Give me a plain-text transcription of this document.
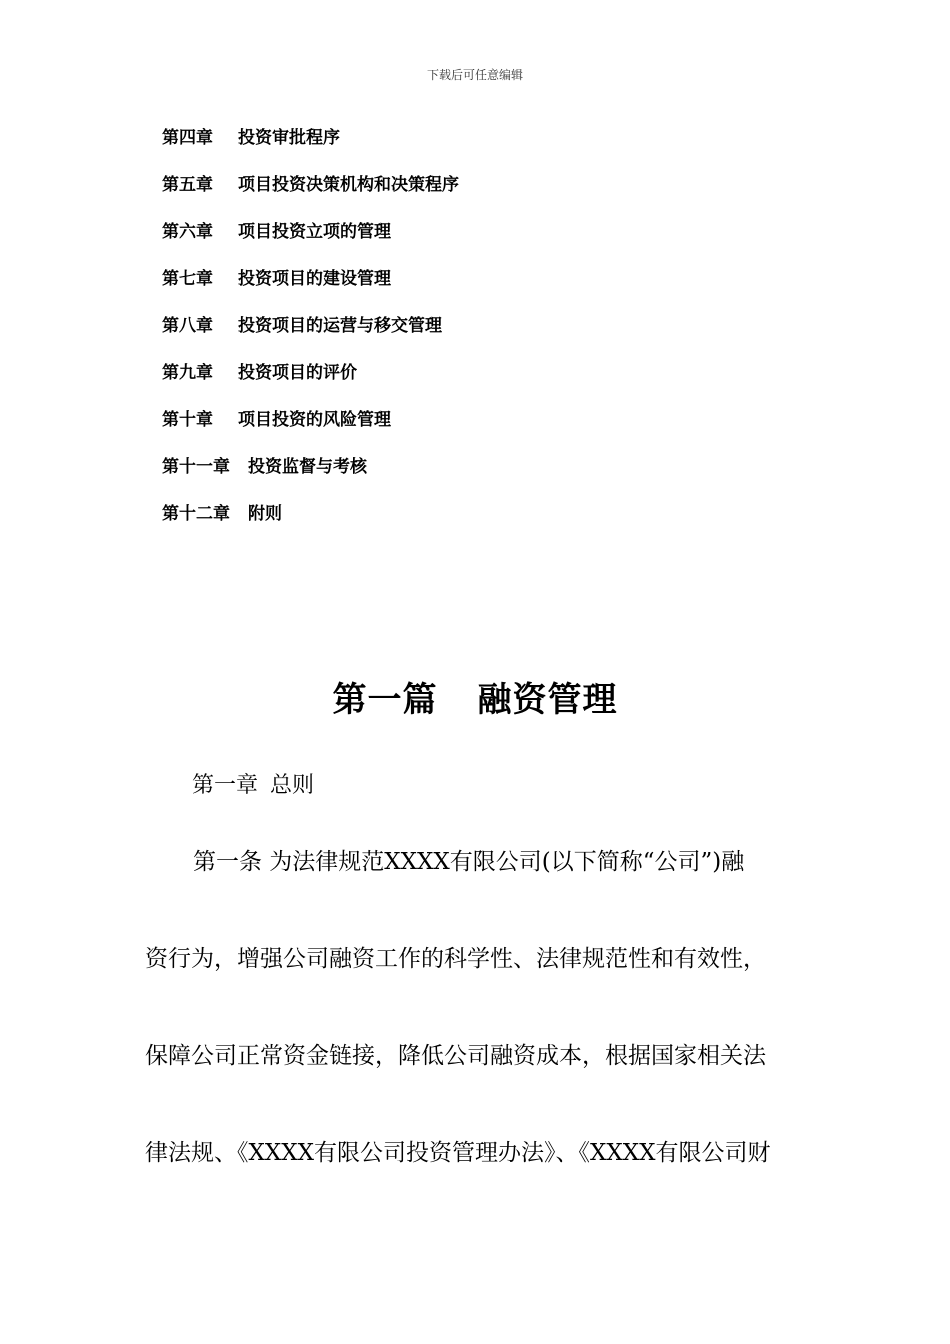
下载后可任意编辑
第四章 投资审批程序
第五章 项目投资决策机构和决策程序
第六章 项目投资立项的管理
第七章 投资项目的建设管理
第八章 投资项目的运营与移交管理
第九章 投资项目的评价
第十章 项目投资的风险管理
第十一章 投资监督与考核
第十二章 附则
第一篇 融资管理
第一章 总则
第一条 为法律规范XXXX有限公司(以下简称“公司”)融
资行为，增强公司融资工作的科学性、法律规范性和有效性，
保障公司正常资金链接，降低公司融资成本，根据国家相关法
律法规、《XXXX有限公司投资管理办法》、《XXXX有限公司财
